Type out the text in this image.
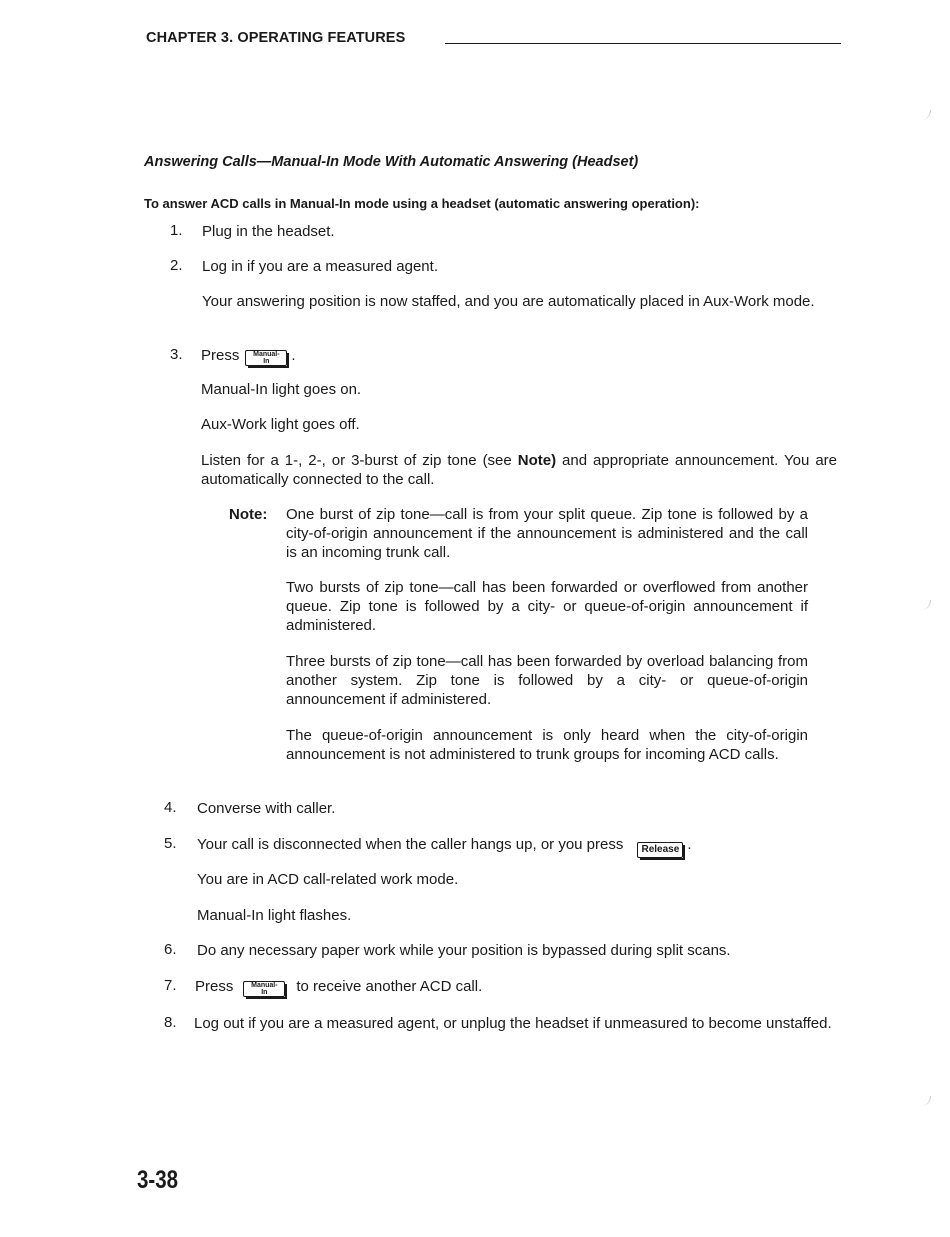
CHAPTER 3. OPERATING FEATURES
Answering Calls—Manual-In Mode With Automatic Answering (Headset)
To answer ACD calls in Manual-In mode using a headset (automatic answering operation):
1. Plug in the headset.
2. Log in if you are a measured agent.
Your answering position is now staffed, and you are automatically placed in Aux-Work mode.
3. Press	Manual-
In	.
Manual-In light goes on.
Aux-Work light goes off.
Listen for a 1-, 2-, or 3-burst of zip tone (see Note) and appropriate announcement. You are automatically connected to the call.
Note: One burst of zip tone—call is from your split queue. Zip tone is followed by a city-of-origin announcement if the announcement is administered and the call is an incoming trunk call.
Two bursts of zip tone—call has been forwarded or overflowed from another queue. Zip tone is followed by a city- or queue-of-origin announcement if administered.
Three bursts of zip tone—call has been forwarded by overload balancing from another system. Zip tone is followed by a city- or queue-of-origin announcement if administered.
The queue-of-origin announcement is only heard when the city-of-origin announcement is not administered to trunk groups for incoming ACD calls.
4. Converse with caller.
5. Your call is disconnected when the caller hangs up, or you press Release .
You are in ACD call-related work mode.
Manual-In light flashes.
6. Do any necessary paper work while your position is bypassed during split scans.
7. Press	Manual-
In	to receive another ACD call.
8. Log out if you are a measured agent, or unplug the headset if unmeasured to become unstaffed.
3-38
